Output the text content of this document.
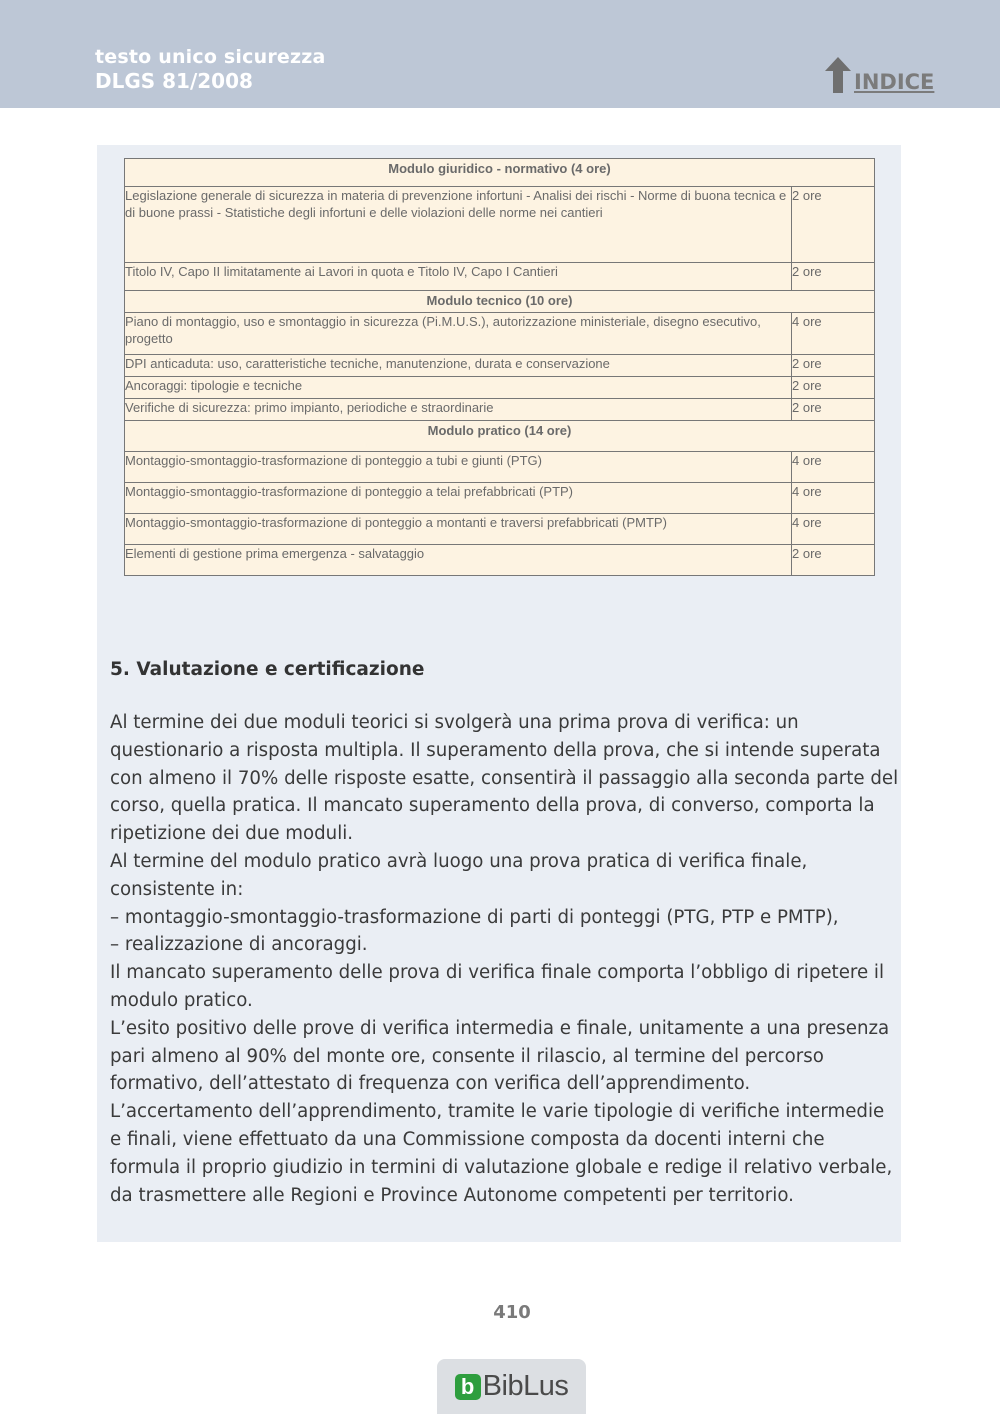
testo unico sicurezza
DLGS 81/2008	INDICE
Modulo giuridico - normativo (4 ore)	
Legislazione generale di sicurezza in materia di prevenzione infortuni - Analisi dei rischi - Norme di buona tecnica e di buone prassi - Statistiche degli infortuni e delle violazioni delle norme nei cantieri	2 ore
Titolo IV, Capo II limitatamente ai Lavori in quota e Titolo IV, Capo I Cantieri	2 ore
Modulo tecnico (10 ore)	
Piano di montaggio, uso e smontaggio in sicurezza (Pi.M.U.S.), autorizzazione ministeriale, disegno esecutivo, progetto	4 ore
DPI anticaduta: uso, caratteristiche tecniche, manutenzione, durata e conservazione	2 ore
Ancoraggi: tipologie e tecniche	2 ore
Verifiche di sicurezza: primo impianto, periodiche e straordinarie	2 ore
Modulo pratico (14 ore)	
Montaggio-smontaggio-trasformazione di ponteggio a tubi e giunti (PTG)	4 ore
Montaggio-smontaggio-trasformazione di ponteggio a telai prefabbricati (PTP)	4 ore
Montaggio-smontaggio-trasformazione di ponteggio a montanti e traversi prefabbricati (PMTP)	4 ore
Elementi di gestione prima emergenza - salvataggio	2 ore
5. Valutazione e certificazione

Al termine dei due moduli teorici si svolgerà una prima prova di verifica: un questionario a risposta multipla. Il superamento della prova, che si intende superata con almeno il 70% delle risposte esatte, consentirà il passaggio alla seconda parte del corso, quella pratica. Il mancato superamento della prova, di converso, comporta la ripetizione dei due moduli.

Al termine del modulo pratico avrà luogo una prova pratica di verifica finale, consistente in:

– montaggio-smontaggio-trasformazione di parti di ponteggi (PTG, PTP e PMTP),

– realizzazione di ancoraggi.

Il mancato superamento delle prova di verifica finale comporta l’obbligo di ripetere il modulo pratico.

L’esito positivo delle prove di verifica intermedia e finale, unitamente a una presenza pari almeno al 90% del monte ore, consente il rilascio, al termine del percorso formativo, dell’attestato di frequenza con verifica dell’apprendimento.

L’accertamento dell’apprendimento, tramite le varie tipologie di verifiche intermedie e finali, viene effettuato da una Commissione composta da docenti interni che formula il proprio giudizio in termini di valutazione globale e redige il relativo verbale, da trasmettere alle Regioni e Province Autonome competenti per territorio.

410
b BibLus
